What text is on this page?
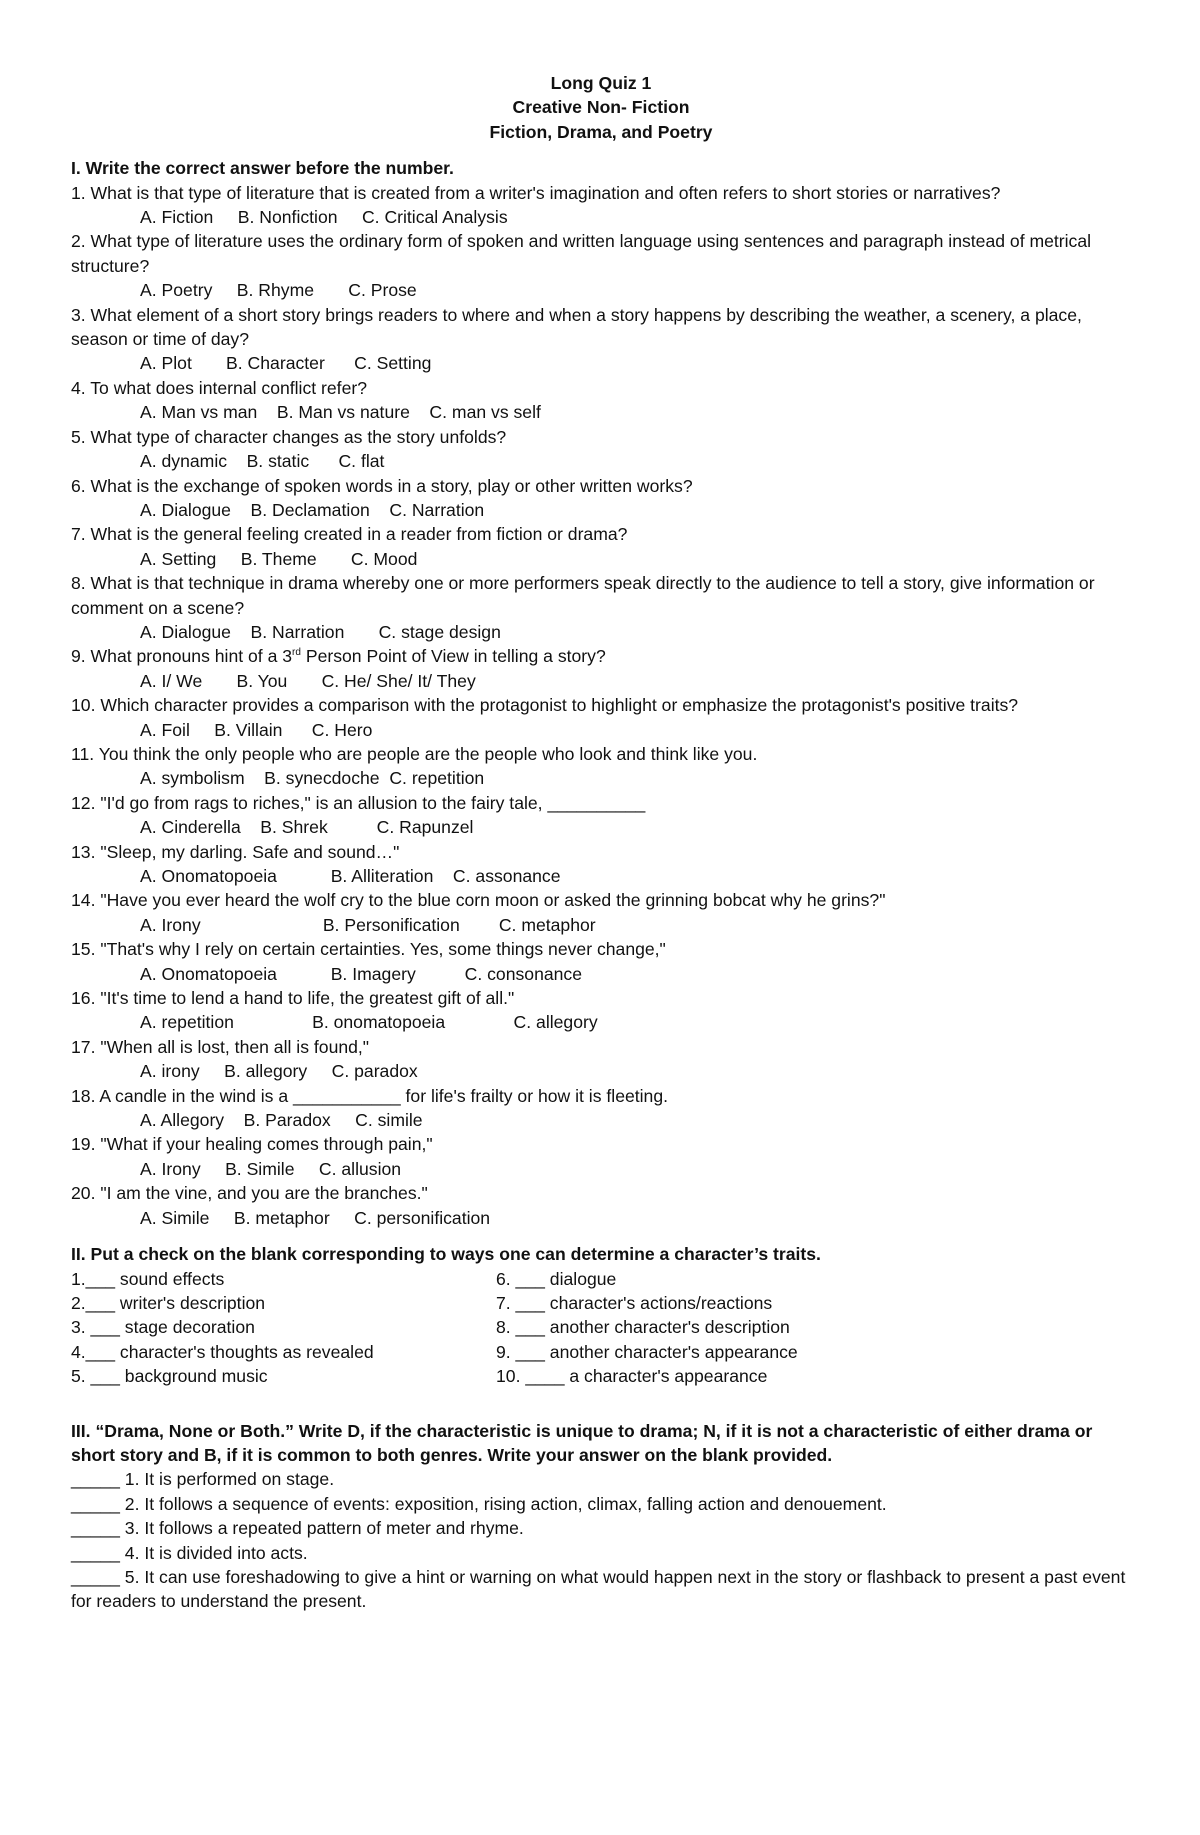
Long Quiz 1
Creative Non- Fiction
Fiction, Drama, and Poetry
I. Write the correct answer before the number.
1. What is that type of literature that is created from a writer's imagination and often refers to short stories or narratives?
A. Fiction     B. Nonfiction     C. Critical Analysis
2. What type of literature uses the ordinary form of spoken and written language using sentences and paragraph instead of metrical structure?
A. Poetry     B. Rhyme       C. Prose
3. What element of a short story brings readers to where and when a story happens by describing the weather, a scenery, a place, season or time of day?
A. Plot       B. Character      C. Setting
4. To what does internal conflict refer?
A. Man vs man    B. Man vs nature    C. man vs self
5. What type of character changes as the story unfolds?
A. dynamic    B. static      C. flat
6. What is the exchange of spoken words in a story, play or other written works?
A. Dialogue    B. Declamation    C. Narration
7. What is the general feeling created in a reader from fiction or drama?
A. Setting     B. Theme       C. Mood
8. What is that technique in drama whereby one or more performers speak directly to the audience to tell a story, give information or comment on a scene?
A. Dialogue    B. Narration       C. stage design
9. What pronouns hint of a 3rd Person Point of View in telling a story?
A. I/ We       B. You       C. He/ She/ It/ They
10. Which character provides a comparison with the protagonist to highlight or emphasize the protagonist's positive traits?
A. Foil     B. Villain      C. Hero
11. You think the only people who are people are the people who look and think like you.
A. symbolism    B. synecdoche  C. repetition
12. "I'd go from rags to riches," is an allusion to the fairy tale, __________
A. Cinderella    B. Shrek          C. Rapunzel
13. "Sleep, my darling. Safe and sound…"
A. Onomatopoeia           B. Alliteration    C. assonance
14. "Have you ever heard the wolf cry to the blue corn moon or asked the grinning bobcat why he grins?"
A. Irony                         B. Personification        C. metaphor
15. "That's why I rely on certain certainties. Yes, some things never change,"
A. Onomatopoeia           B. Imagery          C. consonance
16. "It's time to lend a hand to life, the greatest gift of all."
A. repetition                B. onomatopoeia              C. allegory
17. "When all is lost, then all is found,"
A. irony     B. allegory     C. paradox
18. A candle in the wind is a ___________ for life's frailty or how it is fleeting.
A. Allegory    B. Paradox     C. simile
19. "What if your healing comes through pain,"
A. Irony     B. Simile     C. allusion
20. "I am the vine, and you are the branches."
A. Simile     B. metaphor     C. personification
II. Put a check on the blank corresponding to ways one can determine a character’s traits.
1.___ sound effects	6. ___ dialogue
2.___ writer's description	7. ___ character's actions/reactions
3. ___ stage decoration	8. ___ another character's description
4.___ character's thoughts as revealed	9. ___ another character's appearance
5. ___ background music	10. ____ a character's appearance
III. “Drama, None or Both.” Write D, if the characteristic is unique to drama; N, if it is not a characteristic of either drama or short story and B, if it is common to both genres. Write your answer on the blank provided.
_____ 1. It is performed on stage.
_____ 2. It follows a sequence of events: exposition, rising action, climax, falling action and denouement.
_____ 3. It follows a repeated pattern of meter and rhyme.
_____ 4. It is divided into acts.
_____ 5. It can use foreshadowing to give a hint or warning on what would happen next in the story or flashback to present a past event for readers to understand the present.
